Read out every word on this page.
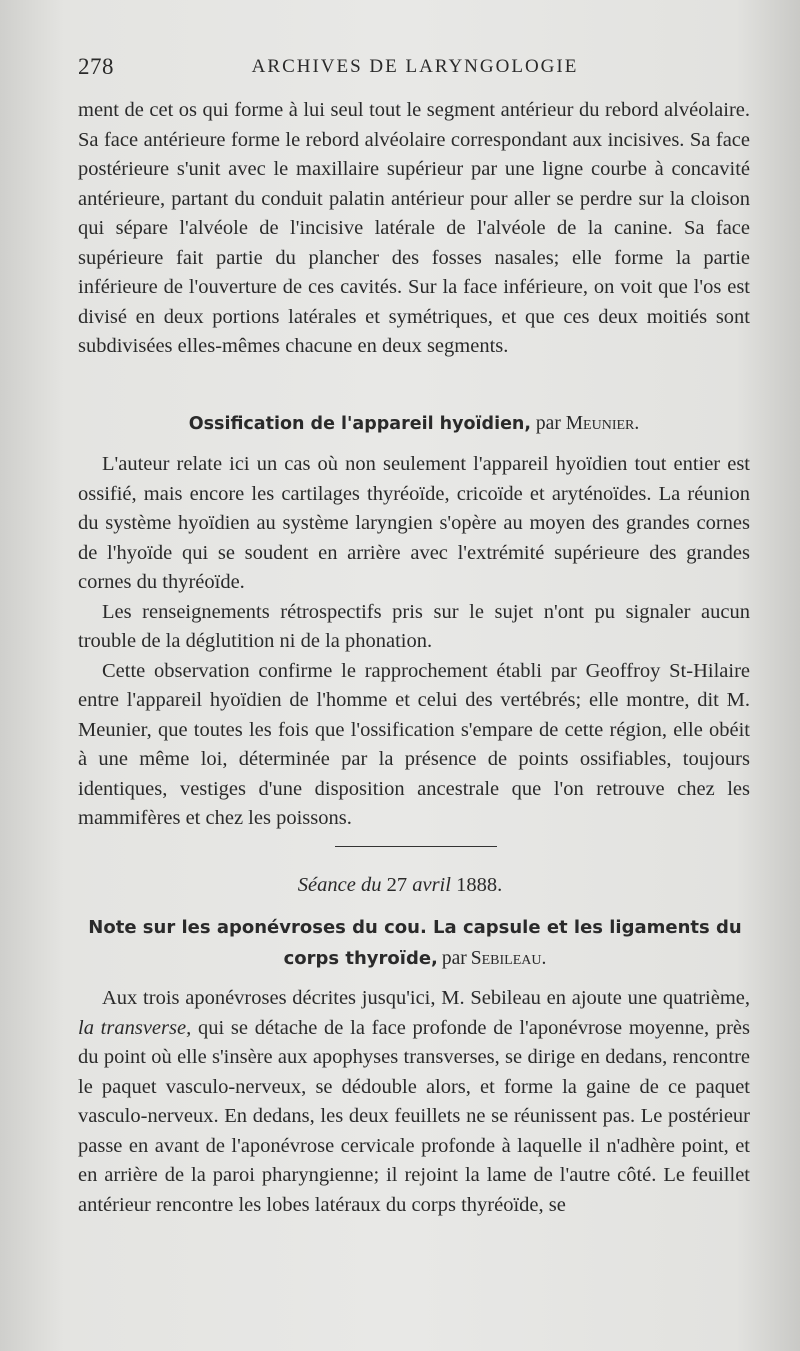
278	ARCHIVES DE LARYNGOLOGIE

ment de cet os qui forme à lui seul tout le segment antérieur du rebord alvéolaire. Sa face antérieure forme le rebord alvéolaire correspondant aux incisives. Sa face postérieure s'unit avec le maxillaire supérieur par une ligne courbe à concavité antérieure, partant du conduit palatin antérieur pour aller se perdre sur la cloison qui sépare l'alvéole de l'incisive latérale de l'alvéole de la canine. Sa face supérieure fait partie du plancher des fosses nasales; elle forme la partie inférieure de l'ouverture de ces cavités. Sur la face inférieure, on voit que l'os est divisé en deux portions latérales et symétriques, et que ces deux moitiés sont subdivisées elles-mêmes chacune en deux segments.

Ossification de l'appareil hyoïdien, par Meunier.

L'auteur relate ici un cas où non seulement l'appareil hyoïdien tout entier est ossifié, mais encore les cartilages thyréoïde, cricoïde et aryténoïdes. La réunion du système hyoïdien au système laryngien s'opère au moyen des grandes cornes de l'hyoïde qui se soudent en arrière avec l'extrémité supérieure des grandes cornes du thyréoïde.

Les renseignements rétrospectifs pris sur le sujet n'ont pu signaler aucun trouble de la déglutition ni de la phonation.

Cette observation confirme le rapprochement établi par Geoffroy St-Hilaire entre l'appareil hyoïdien de l'homme et celui des vertébrés; elle montre, dit M. Meunier, que toutes les fois que l'ossification s'empare de cette région, elle obéit à une même loi, déterminée par la présence de points ossifiables, toujours identiques, vestiges d'une disposition ancestrale que l'on retrouve chez les mammifères et chez les poissons.

Séance du 27 avril 1888.
Note sur les aponévroses du cou. La capsule et les ligaments du
corps thyroïde, par Sebileau.

Aux trois aponévroses décrites jusqu'ici, M. Sebileau en ajoute une quatrième, la transverse, qui se détache de la face profonde de l'aponévrose moyenne, près du point où elle s'insère aux apophyses transverses, se dirige en dedans, rencontre le paquet vasculo-nerveux, se dédouble alors, et forme la gaine de ce paquet vasculo-nerveux. En dedans, les deux feuillets ne se réunissent pas. Le postérieur passe en avant de l'aponévrose cervicale profonde à laquelle il n'adhère point, et en arrière de la paroi pharyngienne; il rejoint la lame de l'autre côté. Le feuillet antérieur rencontre les lobes latéraux du corps thyréoïde, se
